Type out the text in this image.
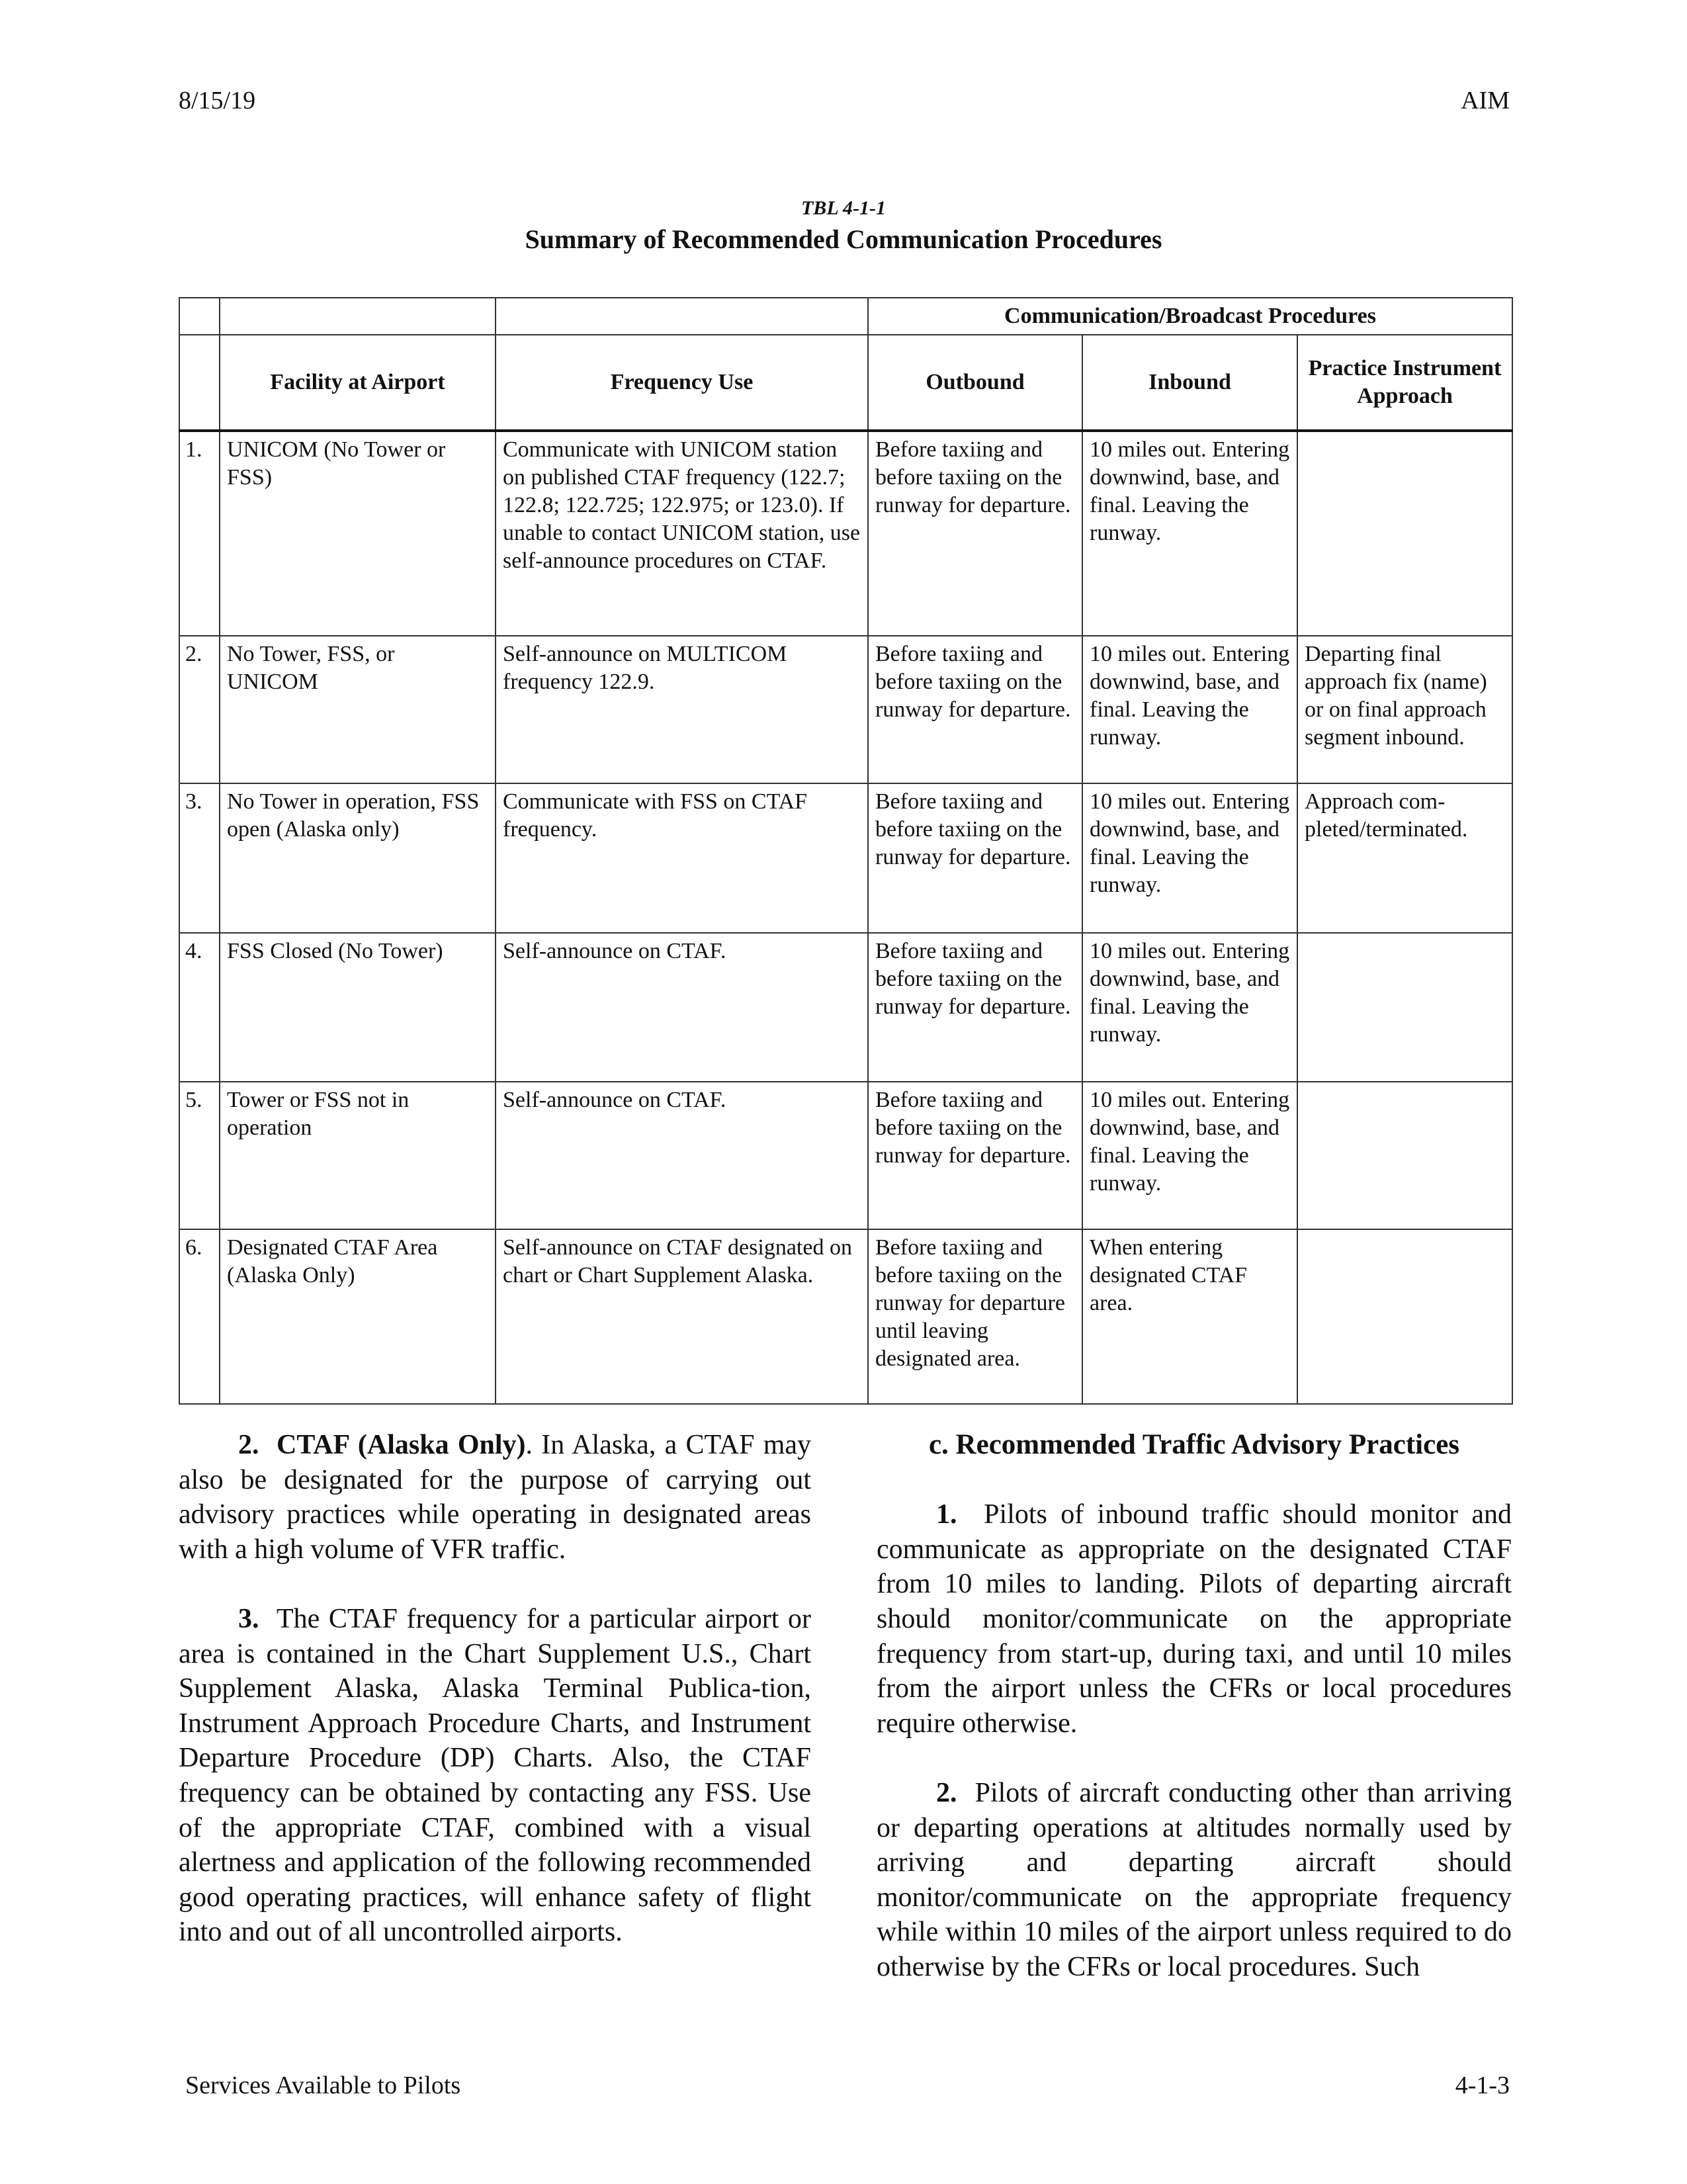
8/15/19	AIM
TBL 4-1-1
Summary of Recommended Communication Procedures
			Communication/Broadcast Procedures		
	Facility at Airport	Frequency Use	Outbound	Inbound	Practice Instrument Approach
1.	UNICOM (No Tower or FSS)	Communicate with UNICOM station on published CTAF frequency (122.7; 122.8; 122.725; 122.975; or 123.0). If unable to contact UNICOM station, use self-announce procedures on CTAF.	Before taxiing and before taxiing on the runway for departure.	10 miles out. Entering downwind, base, and final. Leaving the runway.	
2.	No Tower, FSS, or UNICOM	Self-announce on MULTICOM frequency 122.9.	Before taxiing and before taxiing on the runway for departure.	10 miles out. Entering downwind, base, and final. Leaving the runway.	Departing final approach fix (name) or on final approach segment inbound.
3.	No Tower in operation, FSS open (Alaska only)	Communicate with FSS on CTAF frequency.	Before taxiing and before taxiing on the runway for departure.	10 miles out. Entering downwind, base, and final. Leaving the runway.	Approach com-pleted/terminated.
4.	FSS Closed (No Tower)	Self-announce on CTAF.	Before taxiing and before taxiing on the runway for departure.	10 miles out. Entering downwind, base, and final. Leaving the runway.	
5.	Tower or FSS not in operation	Self-announce on CTAF.	Before taxiing and before taxiing on the runway for departure.	10 miles out. Entering downwind, base, and final. Leaving the runway.	
6.	Designated CTAF Area (Alaska Only)	Self-announce on CTAF designated on chart or Chart Supplement Alaska.	Before taxiing and before taxiing on the runway for departure until leaving designated area.	When entering designated CTAF area.	

2. CTAF (Alaska Only). In Alaska, a CTAF may also be designated for the purpose of carrying out advisory practices while operating in designated areas with a high volume of VFR traffic.

3. The CTAF frequency for a particular airport or area is contained in the Chart Supplement U.S., Chart Supplement Alaska, Alaska Terminal Publica-tion, Instrument Approach Procedure Charts, and Instrument Departure Procedure (DP) Charts. Also, the CTAF frequency can be obtained by contacting any FSS. Use of the appropriate CTAF, combined with a visual alertness and application of the following recommended good operating practices, will enhance safety of flight into and out of all uncontrolled airports.

c. Recommended Traffic Advisory Practices

1. Pilots of inbound traffic should monitor and communicate as appropriate on the designated CTAF from 10 miles to landing. Pilots of departing aircraft should monitor/communicate on the appropriate frequency from start-up, during taxi, and until 10 miles from the airport unless the CFRs or local procedures require otherwise.

2. Pilots of aircraft conducting other than arriving or departing operations at altitudes normally used by arriving and departing aircraft should monitor/communicate on the appropriate frequency while within 10 miles of the airport unless required to do otherwise by the CFRs or local procedures. Such

Services Available to Pilots	4-1-3
